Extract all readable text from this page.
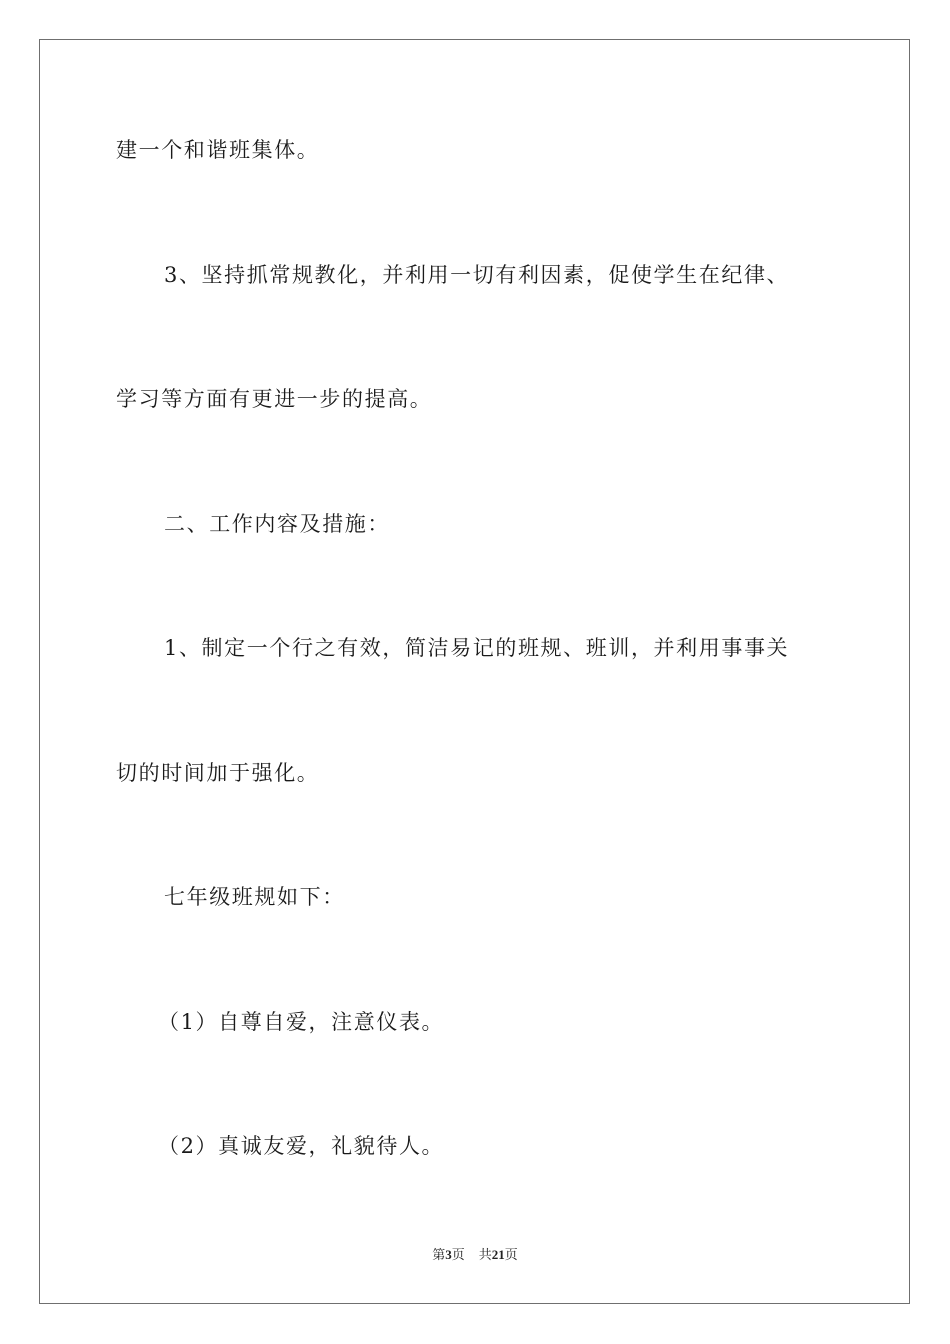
建一个和谐班集体。
3、坚持抓常规教化，并利用一切有利因素，促使学生在纪律、
学习等方面有更进一步的提高。
二、工作内容及措施：
1、制定一个行之有效，简洁易记的班规、班训，并利用事事关
切的时间加于强化。
七年级班规如下：
（1）自尊自爱，注意仪表。
（2）真诚友爱，礼貌待人。
第3页 共21页
